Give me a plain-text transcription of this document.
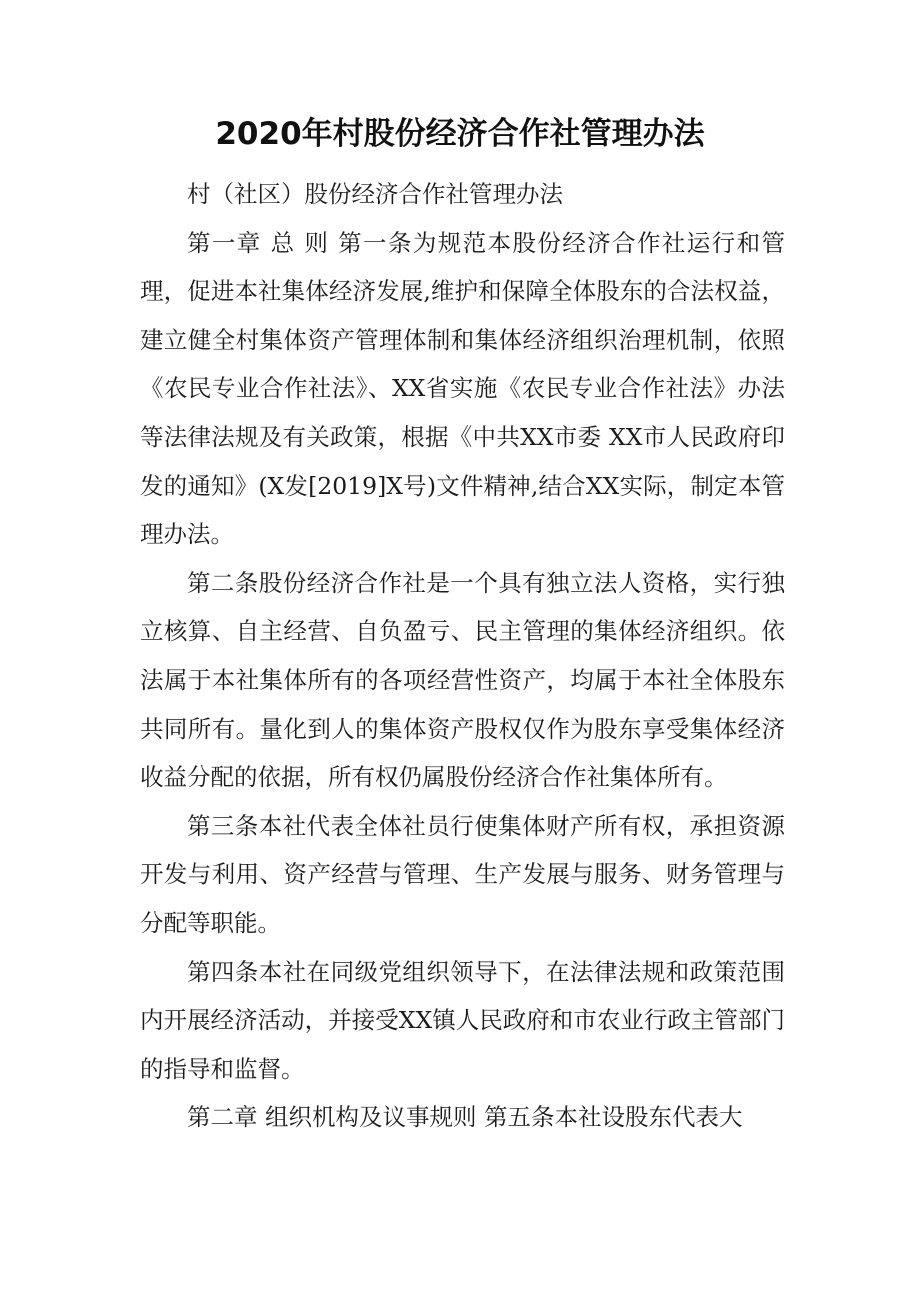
2020年村股份经济合作社管理办法

村（社区）股份经济合作社管理办法

第一章 总 则 第一条为规范本股份经济合作社运行和管理，促进本社集体经济发展,维护和保障全体股东的合法权益，建立健全村集体资产管理体制和集体经济组织治理机制，依照《农民专业合作社法》、XX省实施《农民专业合作社法》办法等法律法规及有关政策，根据《中共XX市委 XX市人民政府印发的通知》(X发[2019]X号)文件精神,结合XX实际，制定本管理办法。

第二条股份经济合作社是一个具有独立法人资格，实行独立核算、自主经营、自负盈亏、民主管理的集体经济组织。依法属于本社集体所有的各项经营性资产，均属于本社全体股东共同所有。量化到人的集体资产股权仅作为股东享受集体经济收益分配的依据，所有权仍属股份经济合作社集体所有。

第三条本社代表全体社员行使集体财产所有权，承担资源开发与利用、资产经营与管理、生产发展与服务、财务管理与分配等职能。

第四条本社在同级党组织领导下，在法律法规和政策范围内开展经济活动，并接受XX镇人民政府和市农业行政主管部门的指导和监督。

第二章 组织机构及议事规则 第五条本社设股东代表大
